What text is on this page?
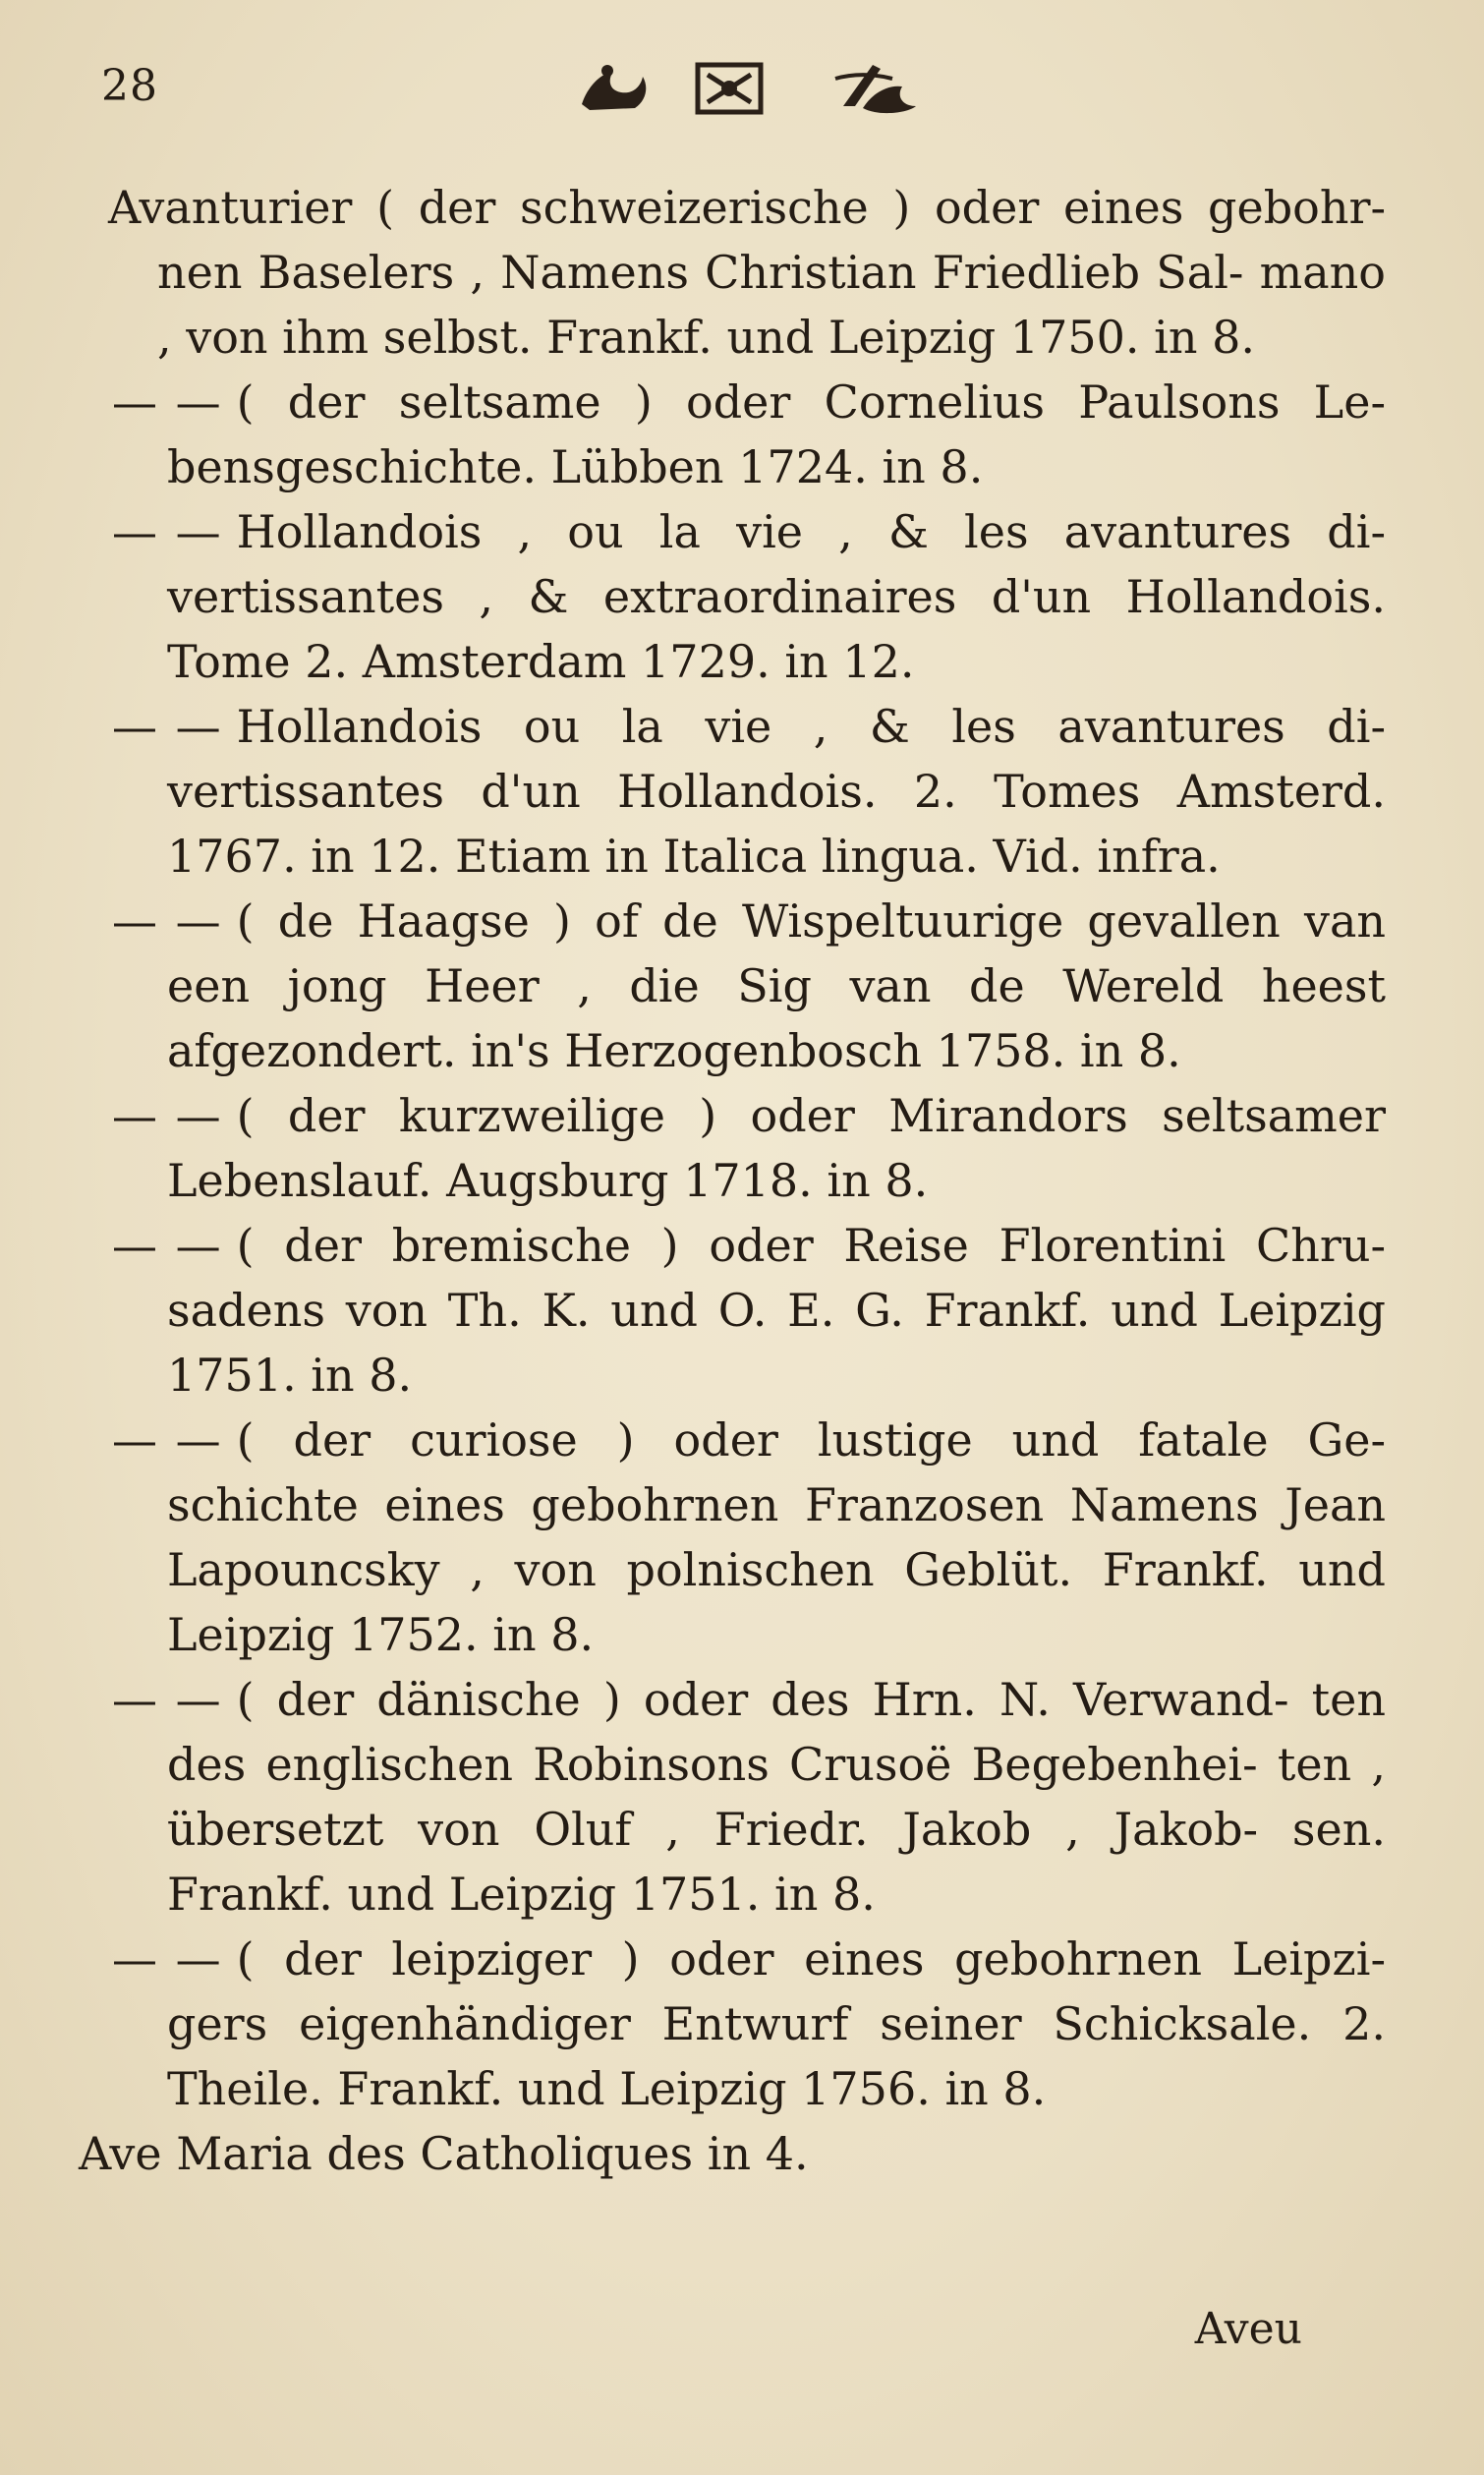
28

Avanturier ( der schweizerische ) oder eines gebohr- nen Baselers , Namens Christian Friedlieb Sal- mano , von ihm selbst. Frankf. und Leipzig 1750. in 8.

— — ( der seltsame ) oder Cornelius Paulsons Le- bensgeschichte. Lübben 1724. in 8.

— — Hollandois , ou la vie , & les avantures di- vertissantes , & extraordinaires d'un Hollandois. Tome 2. Amsterdam 1729. in 12.

— — Hollandois ou la vie , & les avantures di- vertissantes d'un Hollandois. 2. Tomes Amsterd. 1767. in 12. Etiam in Italica lingua. Vid. infra.

— — ( de Haagse ) of de Wispeltuurige gevallen van een jong Heer , die Sig van de Wereld heest afgezondert. in's Herzogenbosch 1758. in 8.

— — ( der kurzweilige ) oder Mirandors seltsamer Lebenslauf. Augsburg 1718. in 8.

— — ( der bremische ) oder Reise Florentini Chru- sadens von Th. K. und O. E. G. Frankf. und Leipzig 1751. in 8.

— — ( der curiose ) oder lustige und fatale Ge- schichte eines gebohrnen Franzosen Namens Jean Lapouncsky , von polnischen Geblüt. Frankf. und Leipzig 1752. in 8.

— — ( der dänische ) oder des Hrn. N. Verwand- ten des englischen Robinsons Crusoë Begebenhei- ten , übersetzt von Oluf , Friedr. Jakob , Jakob- sen. Frankf. und Leipzig 1751. in 8.

— — ( der leipziger ) oder eines gebohrnen Leipzi- gers eigenhändiger Entwurf seiner Schicksale. 2. Theile. Frankf. und Leipzig 1756. in 8.

Ave Maria des Catholiques in 4.

Aveu
